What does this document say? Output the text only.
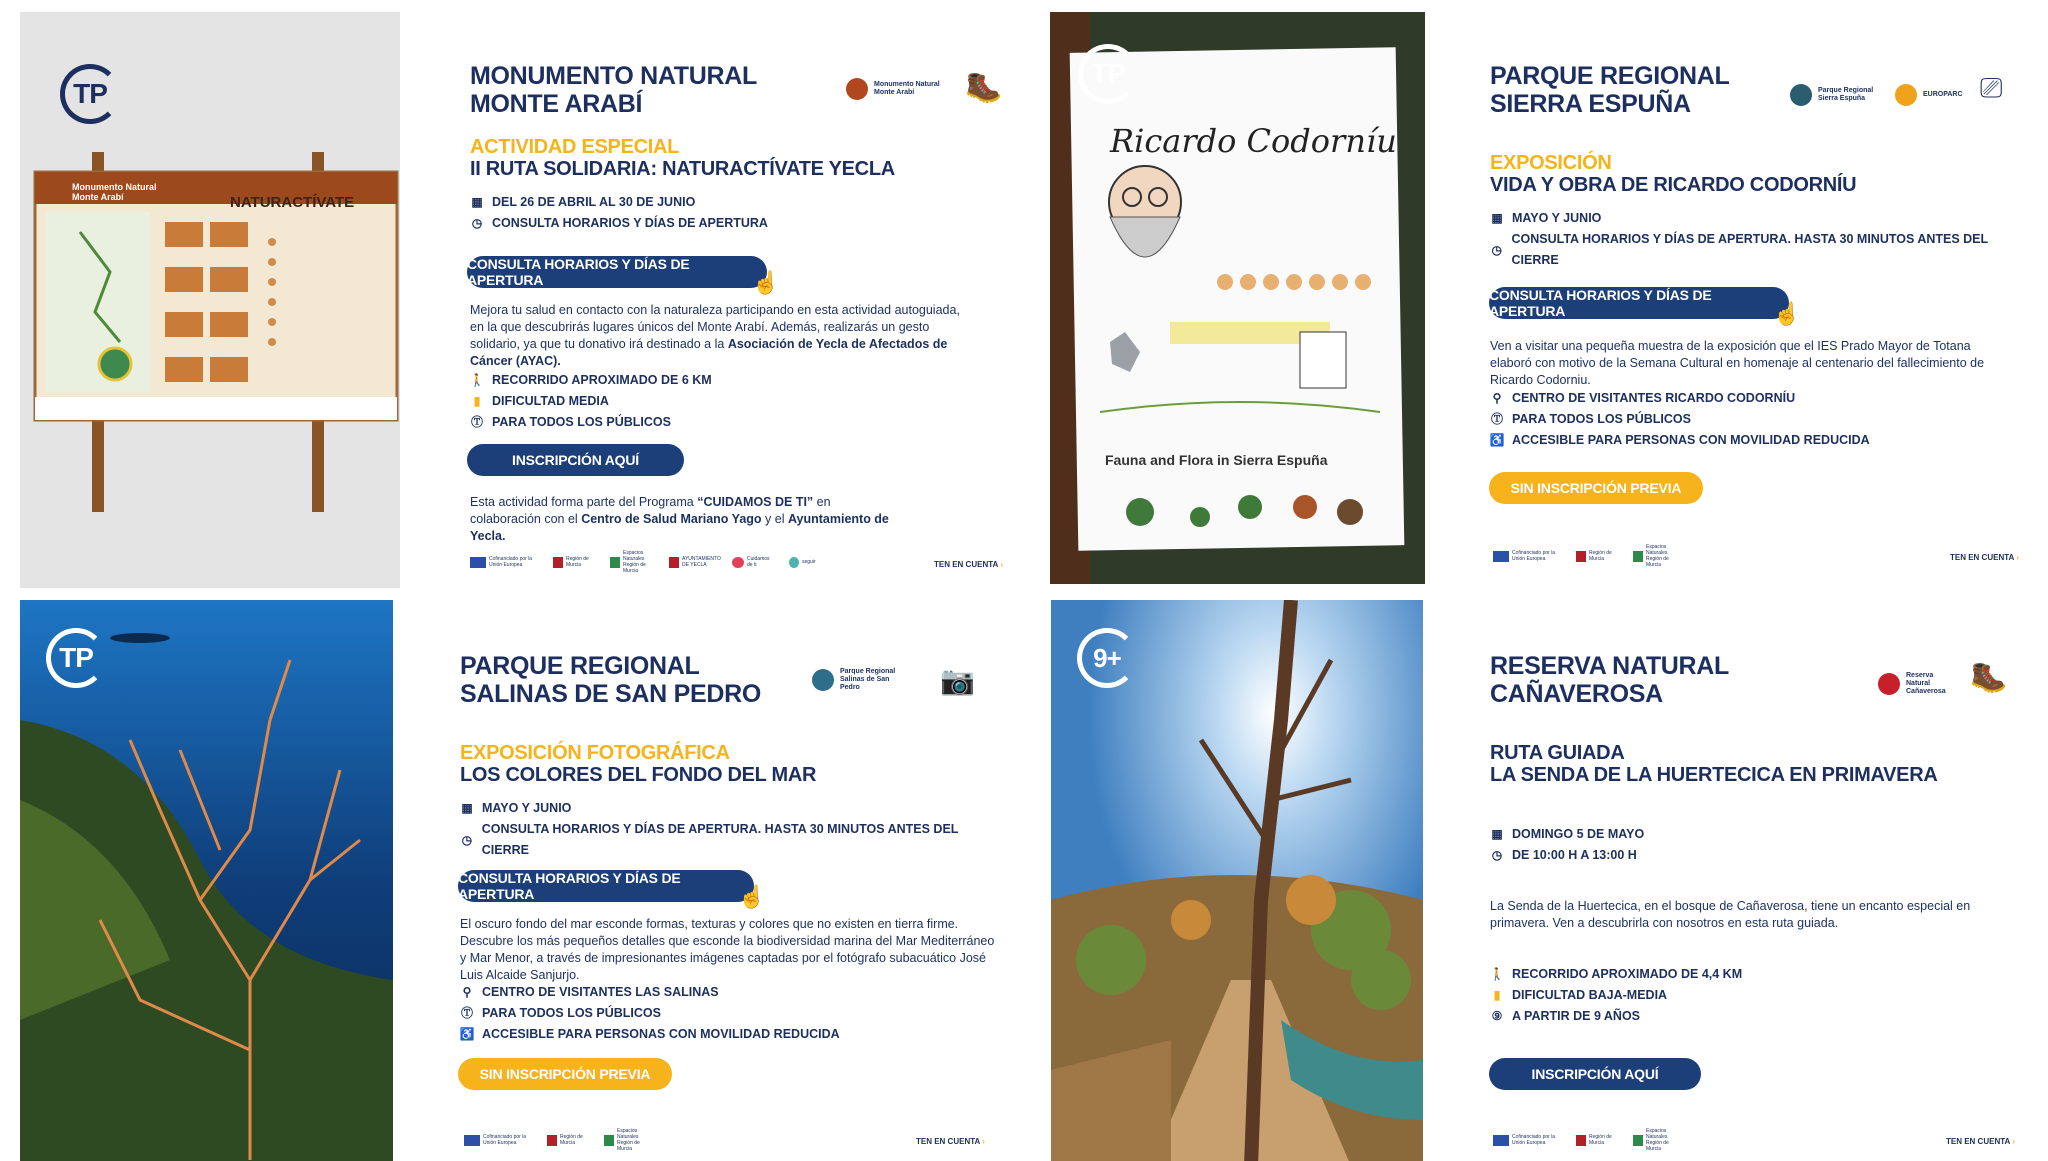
Monumento Natural
Monte Arabí	NATURACTÍVATE
TP
MONUMENTO NATURAL
MONTE ARABÍ
ACTIVIDAD ESPECIAL
II RUTA SOLIDARIA: NATURACTÍVATE YECLA
▦ DEL 26 DE ABRIL AL 30 DE JUNIO
◷ CONSULTA HORARIOS Y DÍAS DE APERTURA
Mejora tu salud en contacto con la naturaleza participando en esta actividad autoguiada, en la que descubrirás lugares únicos del Monte Arabí. Además, realizarás un gesto solidario, ya que tu donativo irá destinado a la Asociación de Yecla de Afectados de Cáncer (AYAC).
🚶 RECORRIDO APROXIMADO DE 6 KM
▮ DIFICULTAD MEDIA
Ⓣ PARA TODOS LOS PÚBLICOS
Esta actividad forma parte del Programa “CUIDAMOS DE TI” en colaboración con el Centro de Salud Mariano Yago y el Ayuntamiento de Yecla.
CONSULTA HORARIOS Y DÍAS DE APERTURA	☝
INSCRIPCIÓN AQUÍ
Monumento Natural Monte Arabí	🥾
Cofinanciado por la Unión Europea
Región de Murcia
Espacios Naturales Región de Murcia
AYUNTAMIENTO DE YECLA
Cuidamos de ti	seguir	TEN EN CUENTA ›
Ricardo Codorníu
Fauna and Flora in Sierra Espuña
TP	PARQUE REGIONAL
SIERRA ESPUÑA
EXPOSICIÓN
VIDA Y OBRA DE RICARDO CODORNÍU
▦ MAYO Y JUNIO
◷
CONSULTA HORARIOS Y DÍAS DE APERTURA. HASTA 30 MINUTOS ANTES DEL CIERRE
Ven a visitar una pequeña muestra de la exposición que el IES Prado Mayor de Totana elaboró con motivo de la Semana Cultural en homenaje al centenario del fallecimiento de Ricardo Codorniu.
⚲ CENTRO DE VISITANTES RICARDO CODORNÍU
Ⓣ PARA TODOS LOS PÚBLICOS
♿ ACCESIBLE PARA PERSONAS CON MOVILIDAD REDUCIDA
CONSULTA HORARIOS Y DÍAS DE APERTURA	☝
SIN INSCRIPCIÓN PREVIA
Parque Regional Sierra Espuña
EUROPARC ⎚
Cofinanciado por la Unión Europea
Región de Murcia
Espacios Naturales Región de Murcia
TEN EN CUENTA ›
TP	PARQUE REGIONAL
SALINAS DE SAN PEDRO
EXPOSICIÓN FOTOGRÁFICA
LOS COLORES DEL FONDO DEL MAR
▦ MAYO Y JUNIO
◷
CONSULTA HORARIOS Y DÍAS DE APERTURA. HASTA 30 MINUTOS ANTES DEL CIERRE
El oscuro fondo del mar esconde formas, texturas y colores que no existen en tierra firme. Descubre los más pequeños detalles que esconde la biodiversidad marina del Mar Mediterráneo y Mar Menor, a través de impresionantes imágenes captadas por el fotógrafo subacuático José Luis Alcaide Sanjurjo.
⚲ CENTRO DE VISITANTES LAS SALINAS
Ⓣ PARA TODOS LOS PÚBLICOS
♿ ACCESIBLE PARA PERSONAS CON MOVILIDAD REDUCIDA
CONSULTA HORARIOS Y DÍAS DE APERTURA	☝
SIN INSCRIPCIÓN PREVIA
Parque Regional Salinas de San Pedro	📷
Cofinanciado por la Unión Europea
Región de Murcia
Espacios Naturales Región de Murcia
TEN EN CUENTA ›
9+	RESERVA NATURAL
CAÑAVEROSA
RUTA GUIADA
LA SENDA DE LA HUERTECICA EN PRIMAVERA
▦ DOMINGO 5 DE MAYO
◷ DE 10:00 H A 13:00 H
La Senda de la Huertecica, en el bosque de Cañaverosa, tiene un encanto especial en primavera. Ven a descubrirla con nosotros en esta ruta guiada.
🚶 RECORRIDO APROXIMADO DE 4,4 KM
▮ DIFICULTAD BAJA-MEDIA
⑨ A PARTIR DE 9 AÑOS
INSCRIPCIÓN AQUÍ
Reserva Natural Cañaverosa 🥾
Cofinanciado por la Unión Europea
Región de Murcia
Espacios Naturales Región de Murcia
TEN EN CUENTA ›
